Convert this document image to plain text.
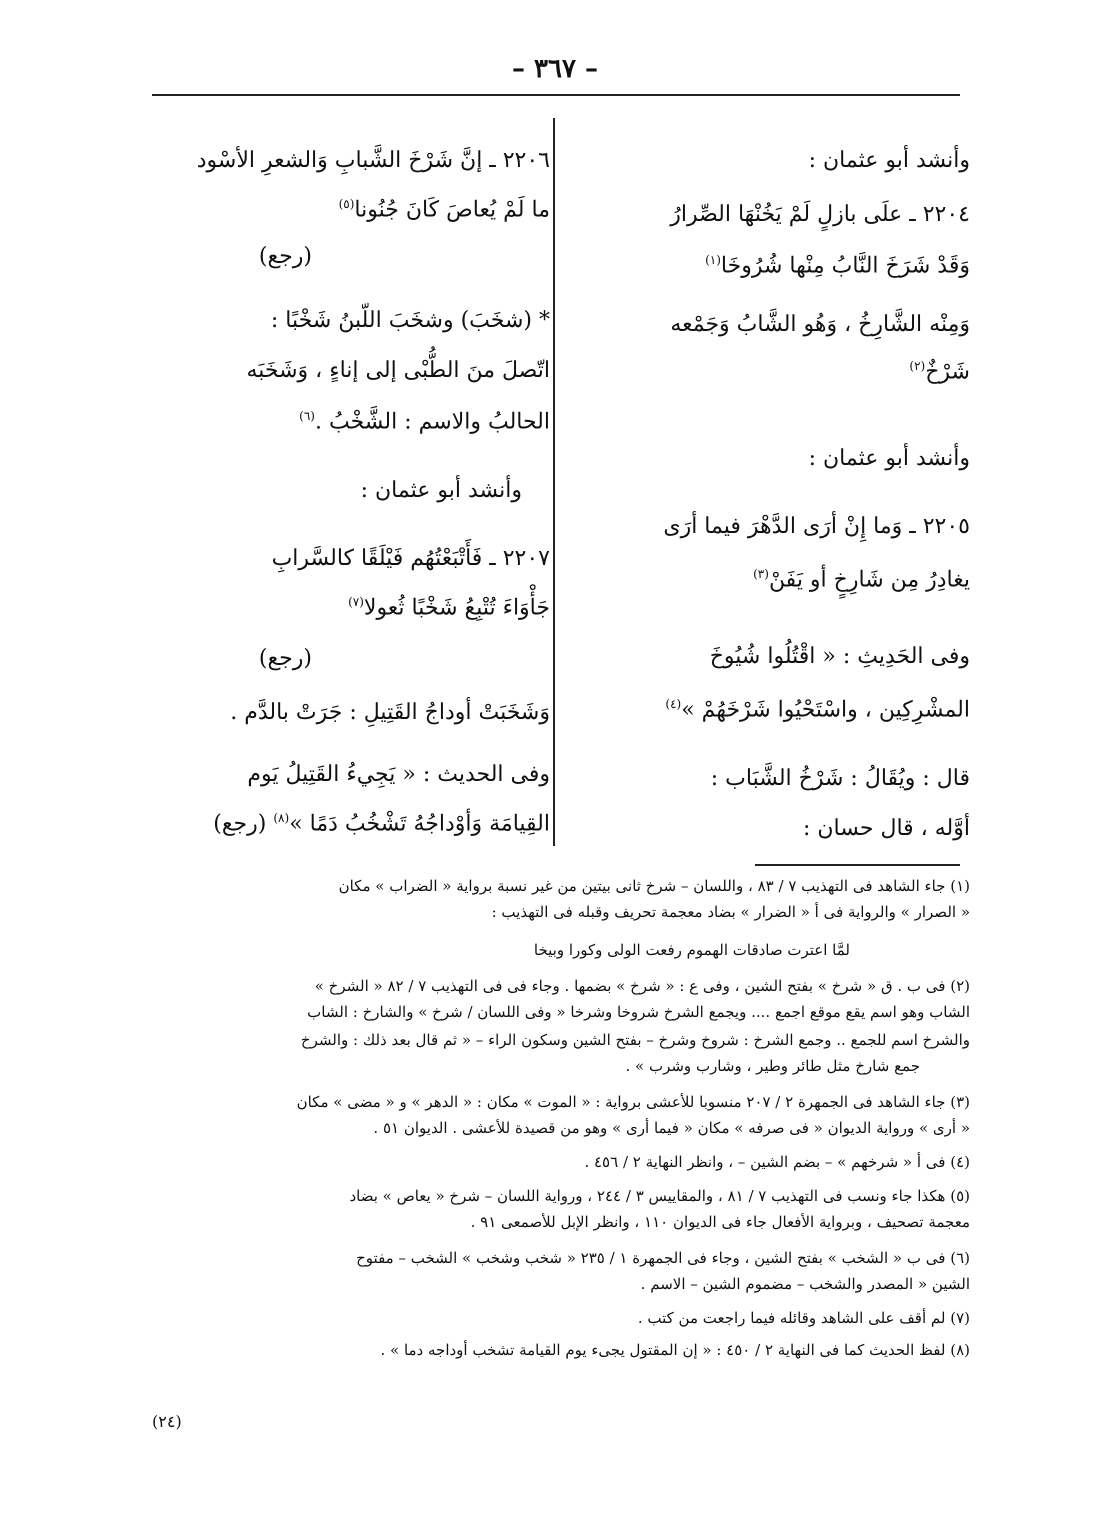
– ٣٦٧ –
وأنشد أبو عثمان :
٢٢٠٤ ـ علَى بازلٍ لَمْ يَخُنْهَا الصِّرارُ
وَقَدْ شَرَخَ النَّابُ مِنْها شُرُوخَا$^{(١)}$
وَمِنْه الشَّارِخُ ، وَهُو الشَّابُ وَجَمْعه
شَرْخٌ$^{(٢)}$
وأنشد أبو عثمان :
٢٢٠٥ ـ وَما إِنْ أرَى الدَّهْرَ فيما أرَى
يغادِرُ مِن شَارِخٍ أو يَفَنْ$^{(٣)}$
وفى الحَدِيثِ : « اقْتُلُوا شُيُوخَ
المشْرِكِين ، واسْتَحْيُوا شَرْخَهُمْ »$^{(٤)}$
قال : ويُقَالُ : شَرْخُ الشَّبَاب :
أوَّله ، قال حسان :
٢٢٠٦ ـ إنَّ شَرْخَ الشَّبابِ وَالشعرِ الأسْود
ما لَمْ يُعاصَ كَانَ جُنُونا$^{(٥)}$
(رجع)
* (شخَبَ) وشخَبَ اللّبنُ شَخْبًا :
اتّصلَ منَ الطُّبْى إلى إناءٍ ، وَشَخَبَه
الحالبُ والاسم : الشَّخْبُ .$^{(٦)}$
وأنشد أبو عثمان :
٢٢٠٧ ـ فَأَتْبَعْتُهُم فَيْلَقًا كالسَّرابِ
جَأْوَاءَ تُتْبِعُ شَخْبًا ثُعولا$^{(٧)}$
(رجع)
وَشَخَبَتْ أوداجُ القَتِيلِ : جَرَتْ بالدَّم .
وفى الحديث : « يَجِيءُ القَتِيلُ يَوم
القِيامَة وَأوْداجُهُ تَشْخُبُ دَمًا »$^{(٨)}$ (رجع)
(١) جاء الشاهد فى التهذيب ٧ / ٨٣ ، واللسان – شرخ ثانى بيتين من غير نسبة برواية « الضراب » مكان
« الصرار » والرواية فى أ « الضرار » بضاد معجمة تحريف وقبله فى التهذيب :
لمَّا اعترت صادقات الهموم رفعت الولى وكورا وبيخا
(٢) فى ب . ق « شرخ » بفتح الشين ، وفى ع : « شرخ » بضمها . وجاء فى فى التهذيب ٧ / ٨٢ « الشرخ »
الشاب وهو اسم يقع موقع اجمع .... ويجمع الشرخ شروخا وشرخا « وفى اللسان / شرخ » والشارخ : الشاب
والشرخ اسم للجمع .. وجمع الشرخ : شروخ وشرخ – بفتح الشين وسكون الراء – « ثم قال بعد ذلك : والشرخ
جمع شارخ مثل طائر وطير ، وشارب وشرب » .
(٣) جاء الشاهد فى الجمهرة ٢ / ٢٠٧ منسوبا للأعشى برواية : « الموت » مكان : « الدهر » و « مضى » مكان
« أرى » ورواية الديوان « فى صرفه » مكان « فيما أرى » وهو من قصيدة للأعشى . الديوان ٥١ .
(٤) فى أ « شرخهم » – بضم الشين – ، وانظر النهاية ٢ / ٤٥٦ .
(٥) هكذا جاء ونسب فى التهذيب ٧ / ٨١ ، والمقاييس ٣ / ٢٤٤ ، ورواية اللسان – شرخ « يعاص » بضاد
معجمة تصحيف ، وبرواية الأفعال جاء فى الديوان ١١٠ ، وانظر الإبل للأصمعى ٩١ .
(٦) فى ب « الشخب » بفتح الشين ، وجاء فى الجمهرة ١ / ٢٣٥ « شخب وشخب » الشخب – مفتوح
الشين « المصدر والشخب – مضموم الشين – الاسم .
(٧) لم أقف على الشاهد وقائله فيما راجعت من كتب .
(٨) لفظ الحديث كما فى النهاية ٢ / ٤٥٠ : « إن المقتول يجىء يوم القيامة تشخب أوداجه دما » .
(٢٤)
